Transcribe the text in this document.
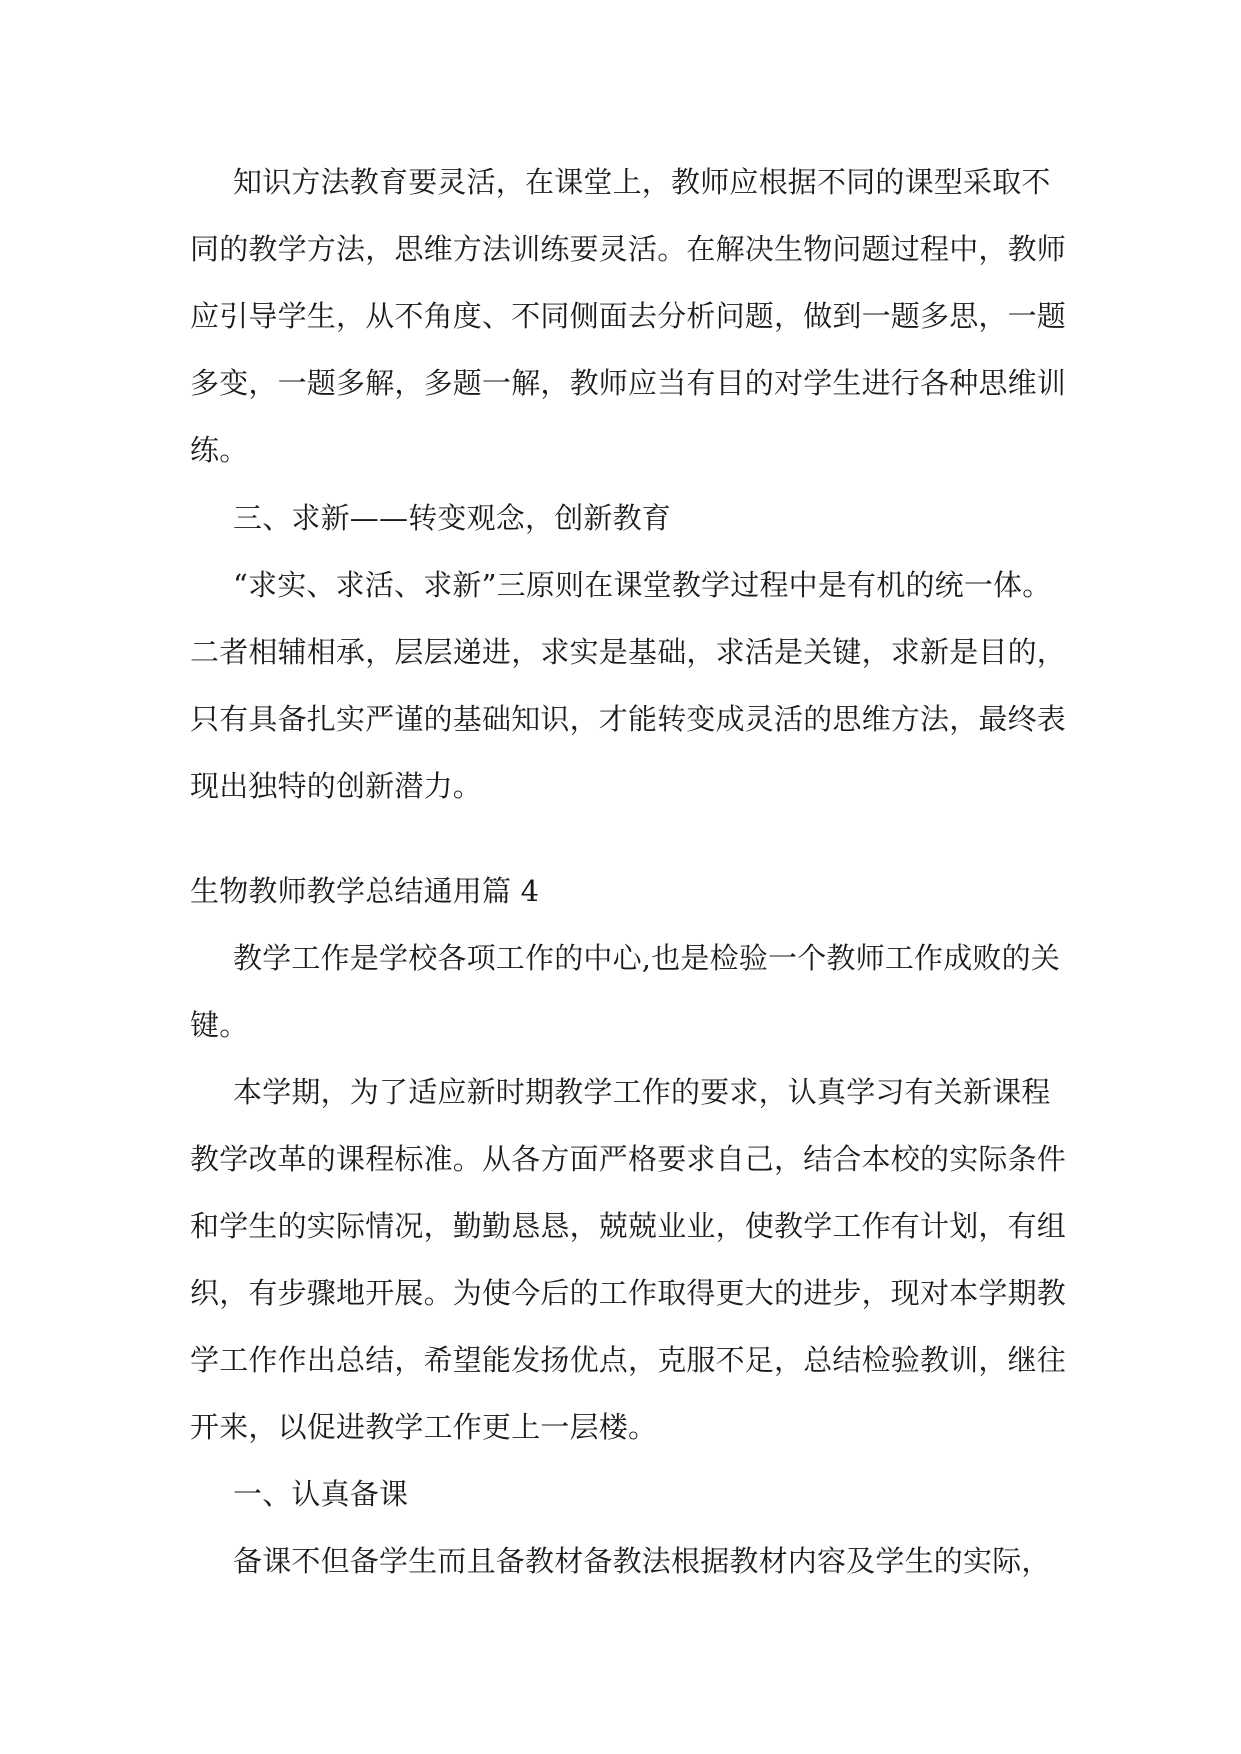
知识方法教育要灵活，在课堂上，教师应根据不同的课型采取不
同的教学方法，思维方法训练要灵活。在解决生物问题过程中，教师
应引导学生，从不角度、不同侧面去分析问题，做到一题多思，一题
多变，一题多解，多题一解，教师应当有目的对学生进行各种思维训
练。
三、求新——转变观念，创新教育
“求实、求活、求新”三原则在课堂教学过程中是有机的统一体。
二者相辅相承，层层递进，求实是基础，求活是关键，求新是目的，
只有具备扎实严谨的基础知识，才能转变成灵活的思维方法，最终表
现出独特的创新潜力。
生物教师教学总结通用篇 4
教学工作是学校各项工作的中心,也是检验一个教师工作成败的关
键。
本学期，为了适应新时期教学工作的要求，认真学习有关新课程
教学改革的课程标准。从各方面严格要求自己，结合本校的实际条件
和学生的实际情况，勤勤恳恳，兢兢业业，使教学工作有计划，有组
织，有步骤地开展。为使今后的工作取得更大的进步，现对本学期教
学工作作出总结，希望能发扬优点，克服不足，总结检验教训，继往
开来，以促进教学工作更上一层楼。
一、认真备课
备课不但备学生而且备教材备教法根据教材内容及学生的实际，
